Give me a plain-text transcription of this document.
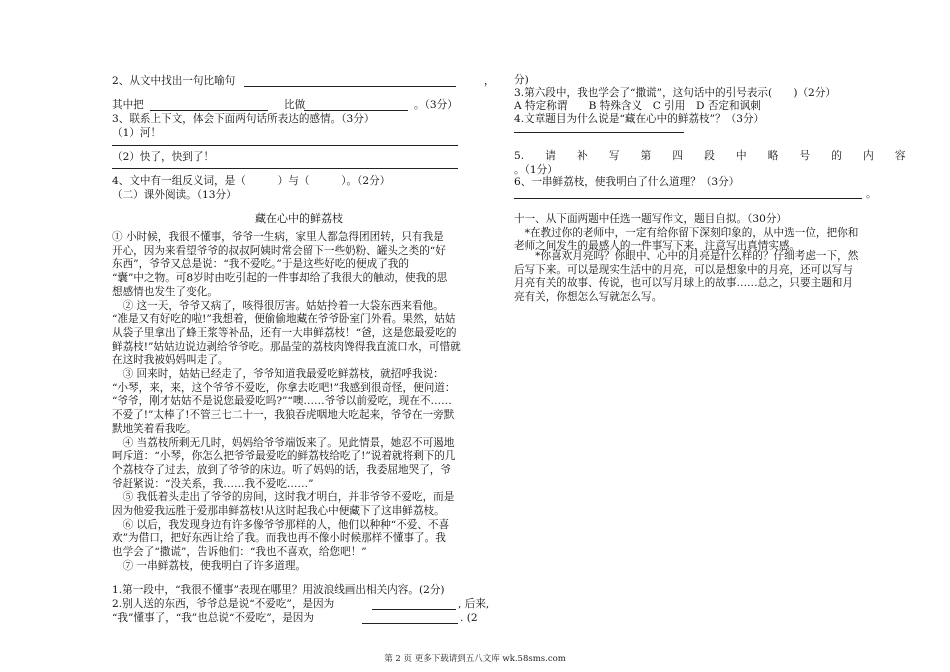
2、从文中找出一句比喻句	，
其中把	比做	。（3分）
3、联系上下文，体会下面两句话所表达的感情。（3分）
（1）河！
（2）快了，快到了！
4、文中有一组反义词，是（　　　）与（　　　）。（2分）
（二）课外阅读。（13分）
藏在心中的鲜荔枝
① 小时候，我很不懂事，爷爷一生病，家里人都急得团团转，只有我是
开心，因为来看望爷爷的叔叔阿姨时常会留下一些奶粉、罐头之类的“好
东西”，爷爷又总是说：“我不爱吃。”于是这些好吃的便成了我的
“囊”中之物。可8岁时由吃引起的一件事却给了我很大的触动，使我的思
想感情也发生了变化。
　② 这一天，爷爷又病了，咳得很厉害。姑姑拎着一大袋东西来看他。
“准是又有好吃的啦!”我想着，便偷偷地藏在爷爷卧室门外看。果然，姑姑
从袋子里拿出了蜂王浆等补品，还有一大串鲜荔枝！“爸，这是您最爱吃的
鲜荔枝!”姑姑边说边剥给爷爷吃。那晶莹的荔枝肉馋得我直流口水，可惜就
在这时我被妈妈叫走了。
　③ 回来时，姑姑已经走了，爷爷知道我最爱吃鲜荔枝，就招呼我说：
“小琴，来，来，这个爷爷不爱吃，你拿去吃吧!”我感到很奇怪，便问道：
“爷爷，刚才姑姑不是说您最爱吃吗?”“噢……爷爷以前爱吃，现在不……
不爱了!”太棒了!不管三七二十一，我狼吞虎咽地大吃起来，爷爷在一旁默
默地笑着看我吃。
　④ 当荔枝所剩无几时，妈妈给爷爷端饭来了。见此情景，她忍不可遏地
呵斥道：“小琴，你怎么把爷爷最爱吃的鲜荔枝给吃了!”说着就将剩下的几
个荔枝夺了过去，放到了爷爷的床边。听了妈妈的话，我委屈地哭了，爷
爷赶紧说：“没关系，我……我不爱吃……”
　⑤ 我低着头走出了爷爷的房间，这时我才明白，并非爷爷不爱吃，而是
因为他爱我远胜于爱那串鲜荔枝!从这时起我心中便藏下了这串鲜荔枝。
　⑥ 以后，我发现身边有许多像爷爷那样的人，他们以种种“不爱、不喜
欢”为借口，把好东西让给了我。而我也再不像小时候那样不懂事了。我
也学会了“撒谎”，告诉他们：“我也不喜欢，给您吧！”
　⑦ 一串鲜荔枝，使我明白了许多道理。
1.第一段中，“我很不懂事”表现在哪里？用波浪线画出相关内容。(2分)
2.别人送的东西，爷爷总是说“不爱吃”，是因为	, 后来,
“我”懂事了，“我”也总说“不爱吃”，是因为	. (2
分)
3.第六段中，我也学会了“撒谎”，这句话中的引号表示(　　)（2分）
A 特定称谓　　B 特殊含义　C 引用　D 否定和讽刺
4.文章题目为什么说是“藏在心中的鲜荔枝”？（3分）
5.　　请　　补　　写　　第　　四　　段　　中　　略　　号　　的　　内　　容
。（1分）
6、一串鲜荔枝，使我明白了什么道理？（3分）
。
十一、从下面两题中任选一题写作文，题目自拟。（30分）
　*在教过你的老师中，一定有给你留下深刻印象的，从中选一位，把你和
老师之间发生的最感人的一件事写下来，注意写出真情实感。
　　*你喜欢月亮吗？你眼中、心中的月亮是什么样的？仔细考虑一下，然
后写下来。可以是现实生活中的月亮，可以是想象中的月亮，还可以写与
月亮有关的故事、传说，也可以写月球上的故事……总之，只要主题和月
亮有关，你想怎么写就怎么写。
第 2 页 更多下载请到五八文库 wk.58sms.com
